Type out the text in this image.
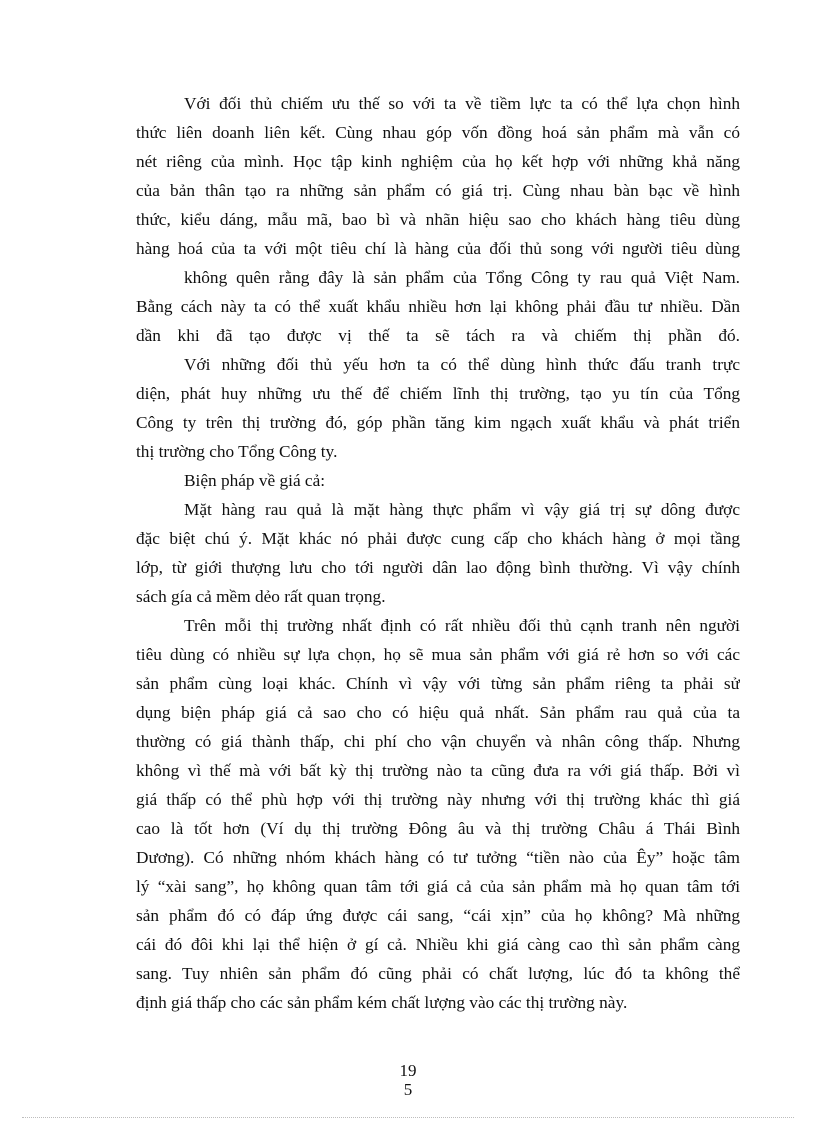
Với đối thủ chiếm ưu thế so với ta về tiềm lực ta có thể lựa chọn hình
thức liên doanh liên kết. Cùng nhau góp vốn đồng hoá sản phẩm mà vẫn có
nét riêng của mình. Học tập kinh nghiệm của họ kết hợp với những khả năng
của bản thân tạo ra những sản phẩm có giá trị. Cùng nhau bàn bạc về hình
thức, kiểu dáng, mẫu mã, bao bì và nhãn hiệu sao cho khách hàng tiêu dùng
hàng hoá của ta với một tiêu chí là hàng của đối thủ song với người tiêu dùng
không quên rằng đây là sản phẩm của Tổng Công ty rau quả Việt Nam.
Bằng cách này ta có thể xuất khẩu nhiều hơn lại không phải đầu tư nhiều. Dần
dần khi đã tạo được vị thế ta sẽ tách ra và chiếm thị phần đó.
Với những đối thủ yếu hơn ta có thể dùng hình thức đấu tranh trực
diện, phát huy những ưu thế để chiếm lĩnh thị trường, tạo yu tín của Tổng
Công ty trên thị trường đó, góp phần tăng kim ngạch xuất khẩu và phát triển
thị trường cho Tổng Công ty.
Biện pháp về giá cả:
Mặt hàng rau quả là mặt hàng thực phẩm vì vậy giá trị sự dông được
đặc biệt chú ý. Mặt khác nó phải được cung cấp cho khách hàng ở mọi tầng
lớp, từ giới thượng lưu cho tới người dân lao động bình thường. Vì vậy chính
sách gía cả mềm dẻo rất quan trọng.
Trên mỗi thị trường nhất định có rất nhiều đối thủ cạnh tranh nên người
tiêu dùng có nhiều sự lựa chọn, họ sẽ mua sản phẩm với giá rẻ hơn so với các
sản phẩm cùng loại khác. Chính vì vậy với từng sản phẩm riêng ta phải sử
dụng biện pháp giá cả sao cho có hiệu quả nhất. Sản phẩm rau quả của ta
thường có giá thành thấp, chi phí cho vận chuyển và nhân công thấp. Nhưng
không vì thế mà với bất kỳ thị trường nào ta cũng đưa ra với giá thấp. Bởi vì
giá thấp có thể phù hợp với thị trường này nhưng với thị trường khác thì giá
cao là tốt hơn (Ví dụ thị trường Đông âu và thị trường Châu á Thái Bình
Dương). Có những nhóm khách hàng có tư tưởng “tiền nào của Êy” hoặc tâm
lý “xài sang”, họ không quan tâm tới giá cả của sản phẩm mà họ quan tâm tới
sản phẩm đó có đáp ứng được cái sang, “cái xịn” của họ không? Mà những
cái đó đôi khi lại thể hiện ở gí cả. Nhiều khi giá càng cao thì sản phẩm càng
sang. Tuy nhiên sản phẩm đó cũng phải có chất lượng, lúc đó ta không thể
định giá thấp cho các sản phẩm kém chất lượng vào các thị trường này.
19
5
